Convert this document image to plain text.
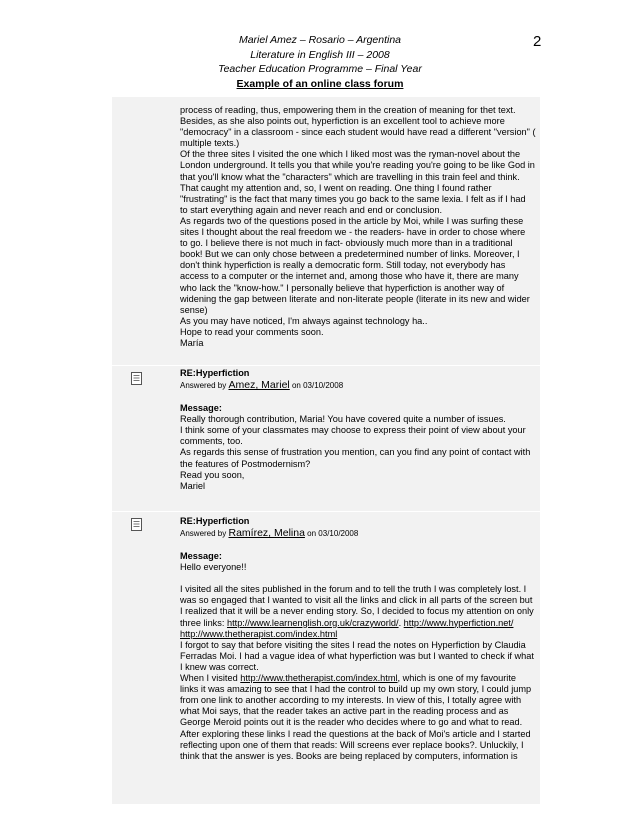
2
Mariel Amez – Rosario – Argentina
Literature in English III – 2008
Teacher Education Programme – Final Year
Example of an online class forum

process of reading, thus, empowering them in the creation of meaning for thet text.

Besides, as she also points out, hyperfiction is an excellent tool to achieve more

"democracy" in a classroom - since each student would have read a different "version" (

multiple texts.)

Of the three sites I visited the one which I liked most was the ryman-novel about the

London underground. It tells you that while you're reading you're going to be like God in

that you'll know what the "characters" which are travelling in this train feel and think.

That caught my attention and, so, I went on reading. One thing I found rather

"frustrating" is the fact that many times you go back to the same lexia. I felt as if I had

to start everything again and never reach and end or conclusion.

As regards two of the questions posed in the article by Moi, while I was surfing these

sites I thought about the real freedom we - the readers- have in order to chose where

to go. I believe there is not much in fact- obviously much more than in a traditional

book! But we can only chose between a predetermined number of links. Moreover, I

don't think hyperfiction is really a democratic form. Still today, not everybody has

access to a computer or the internet and, among those who have it, there are many

who lack the "know-how." I personally believe that hyperfiction is another way of

widening the gap between literate and non-literate people (literate in its new and wider

sense)

As you may have noticed, I'm always against technology ha..

Hope to read your comments soon.

María

RE:Hyperfiction

Answered by Amez, Mariel on 03/10/2008

Message:

Really thorough contribution, Maria! You have covered quite a number of issues.

I think some of your classmates may choose to express their point of view about your

comments, too.

As regards this sense of frustration you mention, can you find any point of contact with

the features of Postmodernism?

Read you soon,

Mariel

RE:Hyperfiction

Answered by Ramírez, Melina on 03/10/2008

Message:

Hello everyone!!

I visited all the sites published in the forum and to tell the truth I was completely lost. I

was so engaged that I wanted to visit all the links and click in all parts of the screen but

I realized that it will be a never ending story. So, I decided to focus my attention on only

three links: http://www.learnenglish.org.uk/crazyworld/. http://www.hyperfiction.net/

http://www.thetherapist.com/index.html

I forgot to say that before visiting the sites I read the notes on Hyperfiction by Claudia

Ferradas Moi. I had a vague idea of what hyperfiction was but I wanted to check if what

I knew was correct.

When I visited http://www.thetherapist.com/index.html, which is one of my favourite

links it was amazing to see that I had the control to build up my own story, I could jump

from one link to another according to my interests. In view of this, I totally agree with

what Moi says, that the reader takes an active part in the reading process and as

George Meroid points out it is the reader who decides where to go and what to read.

After exploring these links I read the questions at the back of Moi's article and I started

reflecting upon one of them that reads: Will screens ever replace books?. Unluckily, I

think that the answer is yes. Books are being replaced by computers, information is
